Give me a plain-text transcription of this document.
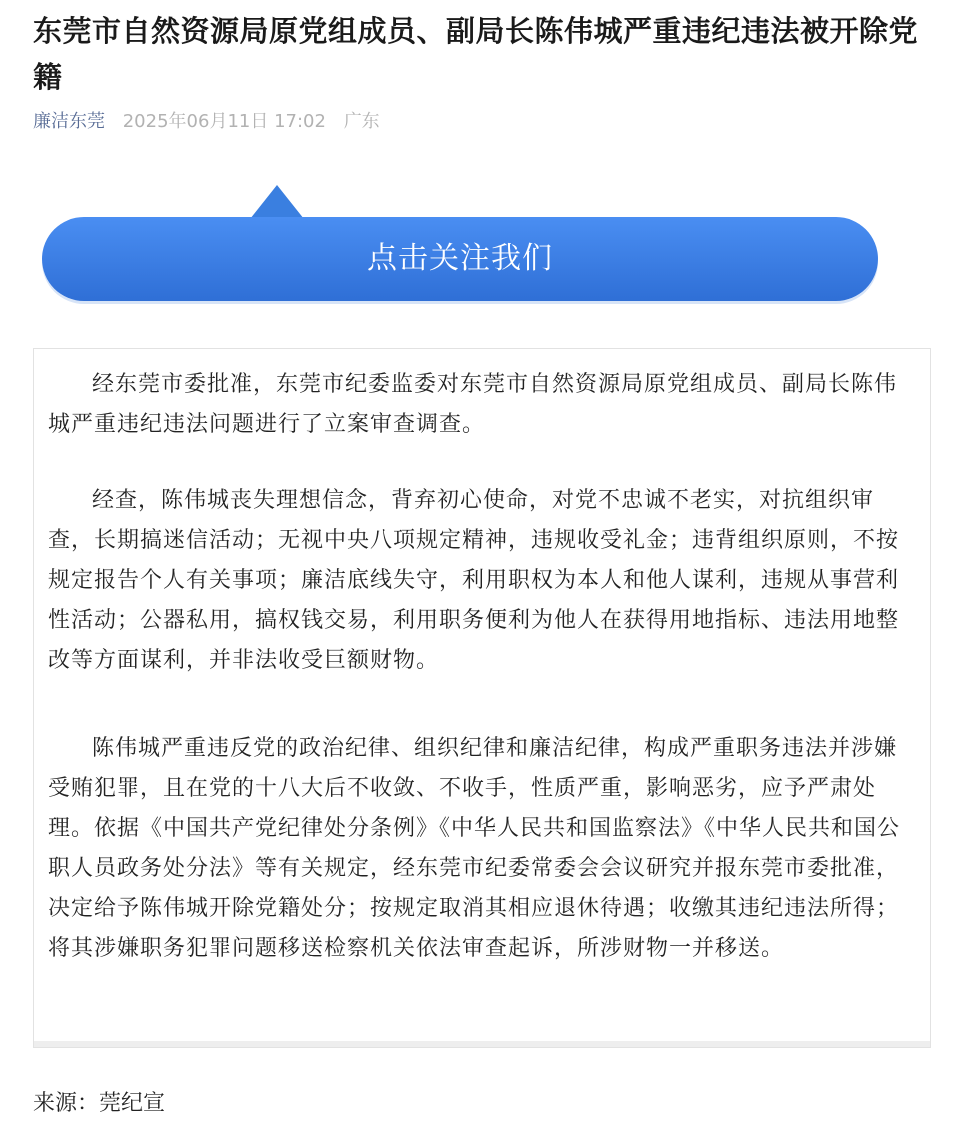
东莞市自然资源局原党组成员、副局长陈伟城严重违纪违法被开除党籍
廉洁东莞 2025年06月11日 17:02 广东
点击关注我们

经东莞市委批准，东莞市纪委监委对东莞市自然资源局原党组成员、副局长陈伟城严重违纪违法问题进行了立案审查调查。

经查，陈伟城丧失理想信念，背弃初心使命，对党不忠诚不老实，对抗组织审查，长期搞迷信活动；无视中央八项规定精神，违规收受礼金；违背组织原则，不按规定报告个人有关事项；廉洁底线失守，利用职权为本人和他人谋利，违规从事营利性活动；公器私用，搞权钱交易，利用职务便利为他人在获得用地指标、违法用地整改等方面谋利，并非法收受巨额财物。

陈伟城严重违反党的政治纪律、组织纪律和廉洁纪律，构成严重职务违法并涉嫌受贿犯罪，且在党的十八大后不收敛、不收手，性质严重，影响恶劣，应予严肃处理。依据《中国共产党纪律处分条例》《中华人民共和国监察法》《中华人民共和国公职人员政务处分法》等有关规定，经东莞市纪委常委会会议研究并报东莞市委批准，决定给予陈伟城开除党籍处分；按规定取消其相应退休待遇；收缴其违纪违法所得；将其涉嫌职务犯罪问题移送检察机关依法审查起诉，所涉财物一并移送。

来源：莞纪宣
